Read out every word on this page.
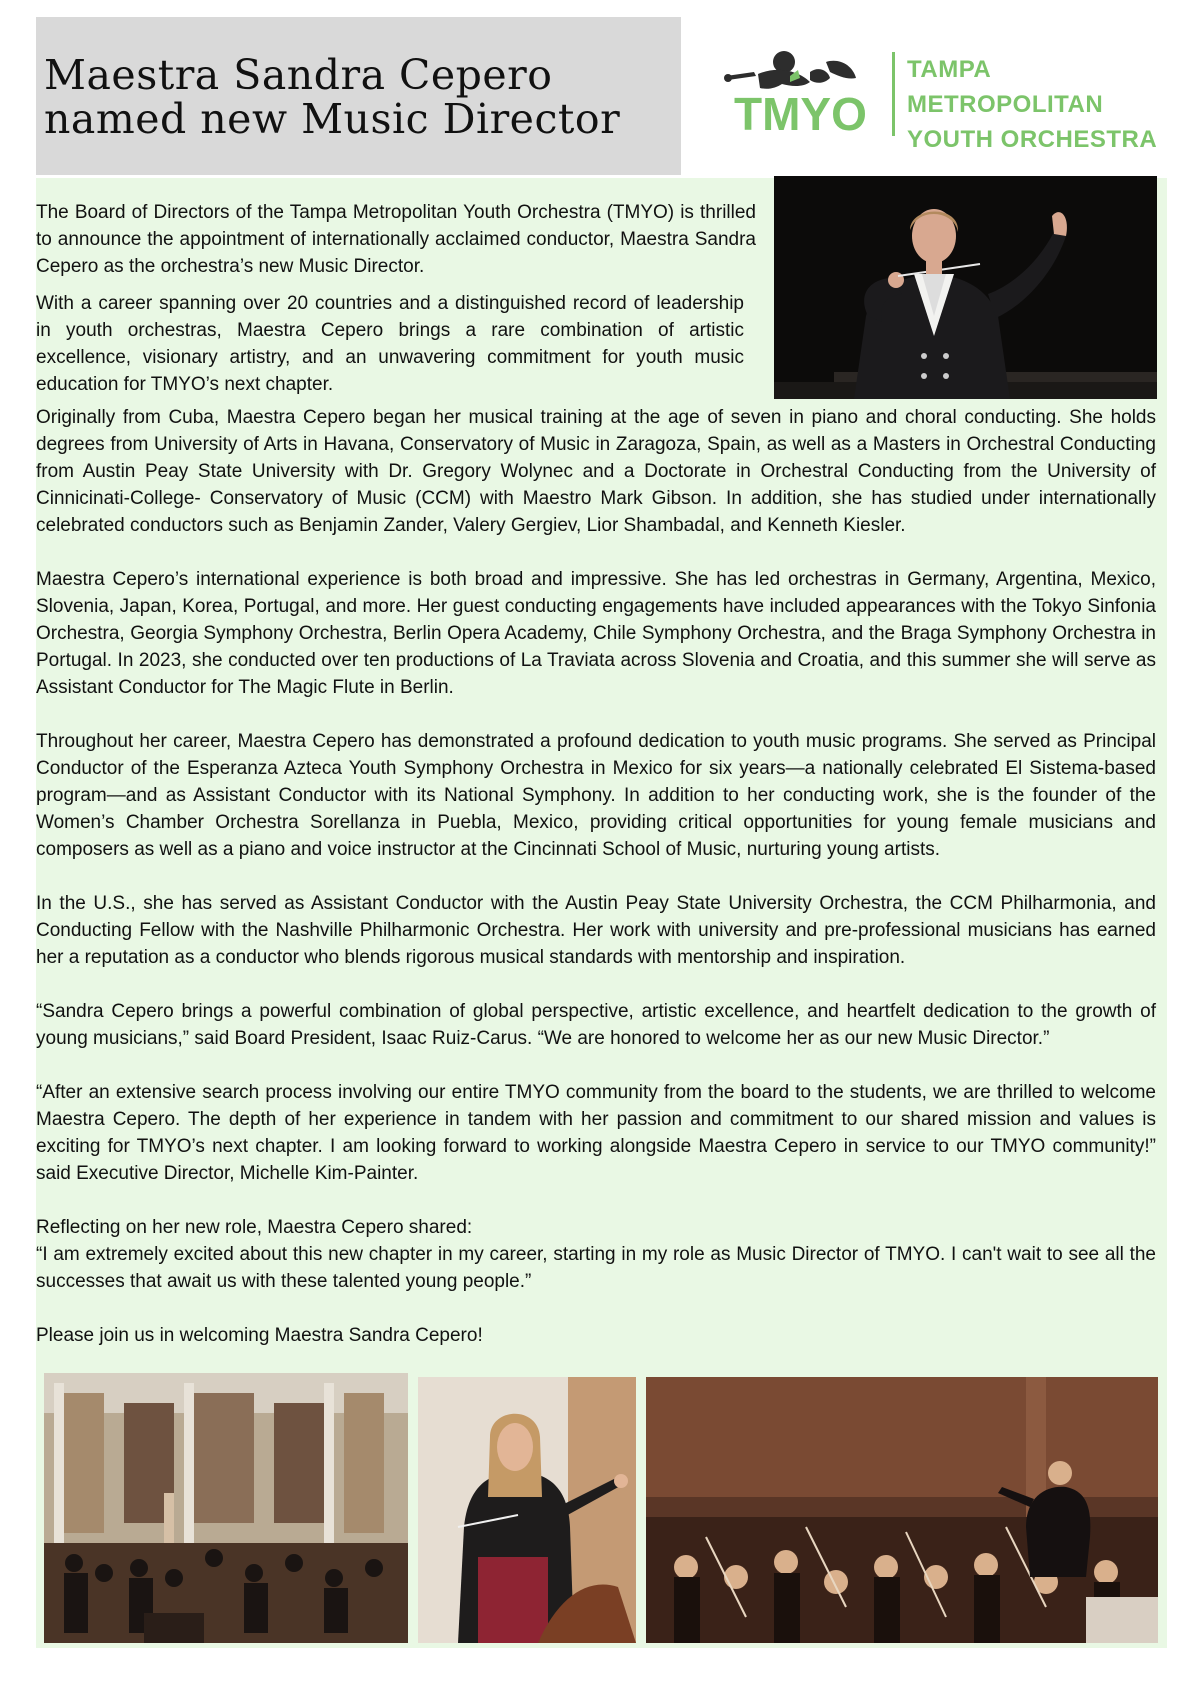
Maestra Sandra Cepero
named new Music Director TMYO
TAMPA
METROPOLITAN
YOUTH ORCHESTRA

The Board of Directors of the Tampa Metropolitan Youth Orchestra (TMYO) is thrilled to announce the appointment of internationally acclaimed conductor, Maestra Sandra Cepero as the orchestra’s new Music Director.

With a career spanning over 20 countries and a distinguished record of leadership in youth orchestras, Maestra Cepero brings a rare combination of artistic excellence, visionary artistry, and an unwavering commitment for youth music education for TMYO’s next chapter.

Originally from Cuba, Maestra Cepero began her musical training at the age of seven in piano and choral conducting. She holds degrees from University of Arts in Havana, Conservatory of Music in Zaragoza, Spain, as well as a Masters in Orchestral Conducting from Austin Peay State University with Dr. Gregory Wolynec and a Doctorate in Orchestral Conducting from the University of Cinnicinati-College- Conservatory of Music (CCM) with Maestro Mark Gibson. In addition, she has studied under internationally celebrated conductors such as Benjamin Zander, Valery Gergiev, Lior Shambadal, and Kenneth Kiesler.

Maestra Cepero’s international experience is both broad and impressive. She has led orchestras in Germany, Argentina, Mexico, Slovenia, Japan, Korea, Portugal, and more. Her guest conducting engagements have included appearances with the Tokyo Sinfonia Orchestra, Georgia Symphony Orchestra, Berlin Opera Academy, Chile Symphony Orchestra, and the Braga Symphony Orchestra in Portugal. In 2023, she conducted over ten productions of La Traviata across Slovenia and Croatia, and this summer she will serve as Assistant Conductor for The Magic Flute in Berlin.

Throughout her career, Maestra Cepero has demonstrated a profound dedication to youth music programs. She served as Principal Conductor of the Esperanza Azteca Youth Symphony Orchestra in Mexico for six years—a nationally celebrated El Sistema-based program—and as Assistant Conductor with its National Symphony. In addition to her conducting work, she is the founder of the Women’s Chamber Orchestra Sorellanza in Puebla, Mexico, providing critical opportunities for young female musicians and composers as well as a piano and voice instructor at the Cincinnati School of Music, nurturing young artists.

In the U.S., she has served as Assistant Conductor with the Austin Peay State University Orchestra, the CCM Philharmonia, and Conducting Fellow with the Nashville Philharmonic Orchestra. Her work with university and pre-professional musicians has earned her a reputation as a conductor who blends rigorous musical standards with mentorship and inspiration.

“Sandra Cepero brings a powerful combination of global perspective, artistic excellence, and heartfelt dedication to the growth of young musicians,” said Board President, Isaac Ruiz-Carus. “We are honored to welcome her as our new Music Director.”

“After an extensive search process involving our entire TMYO community from the board to the students, we are thrilled to welcome Maestra Cepero. The depth of her experience in tandem with her passion and commitment to our shared mission and values is exciting for TMYO’s next chapter. I am looking forward to working alongside Maestra Cepero in service to our TMYO community!” said Executive Director, Michelle Kim-Painter.

Reflecting on her new role, Maestra Cepero shared:

“I am extremely excited about this new chapter in my career, starting in my role as Music Director of TMYO. I can't wait to see all the successes that await us with these talented young people.”

Please join us in welcoming Maestra Sandra Cepero!
